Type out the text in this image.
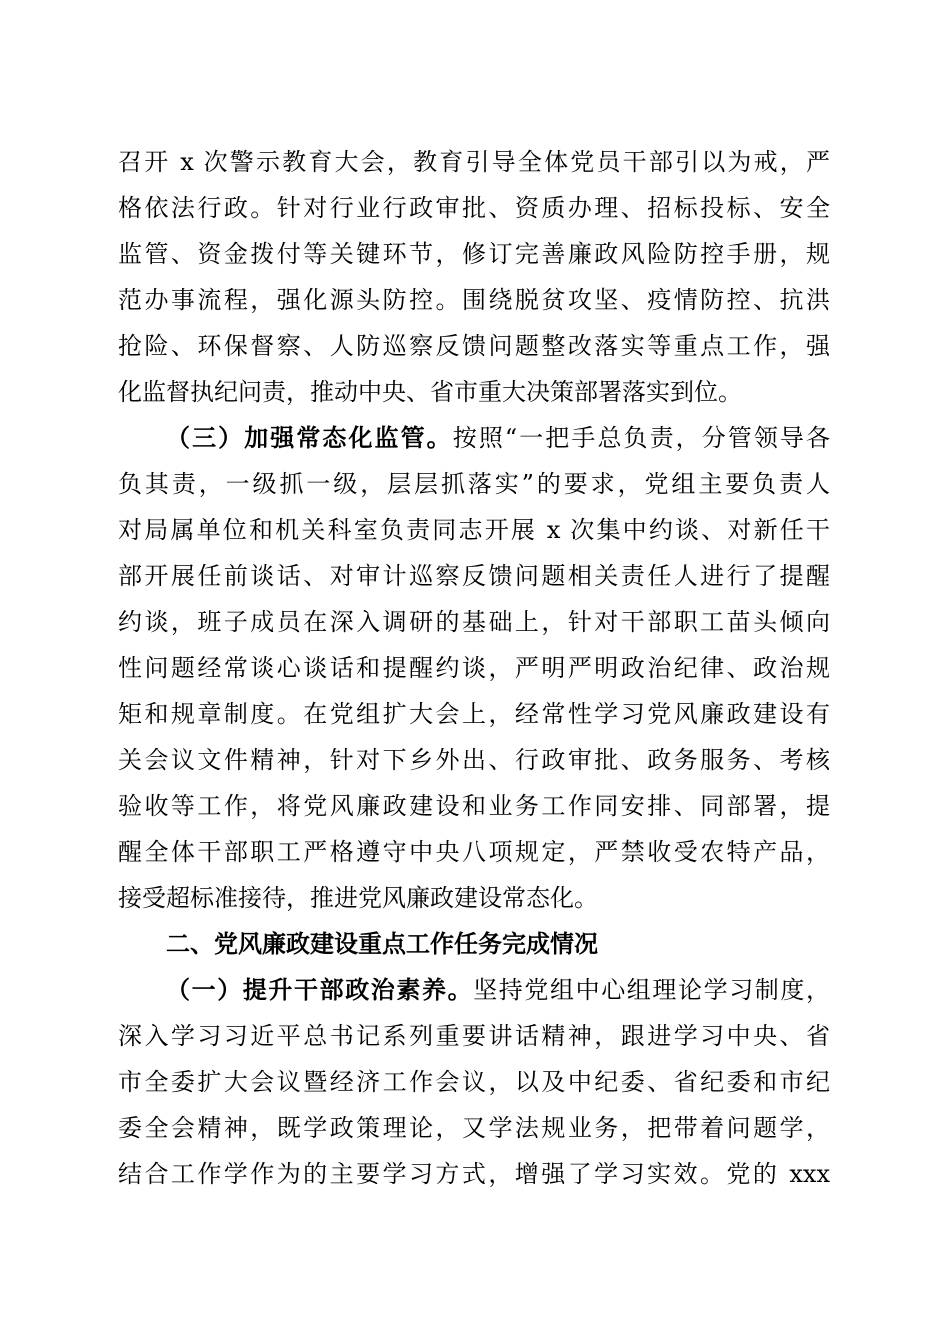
召开 x 次警示教育大会，教育引导全体党员干部引以为戒，严
格依法行政。针对行业行政审批、资质办理、招标投标、安全
监管、资金拨付等关键环节，修订完善廉政风险防控手册，规
范办事流程，强化源头防控。围绕脱贫攻坚、疫情防控、抗洪
抢险、环保督察、人防巡察反馈问题整改落实等重点工作，强
化监督执纪问责，推动中央、省市重大决策部署落实到位。
（三）加强常态化监管。按照“一把手总负责，分管领导各
负其责，一级抓一级，层层抓落实”的要求，党组主要负责人
对局属单位和机关科室负责同志开展 x 次集中约谈、对新任干
部开展任前谈话、对审计巡察反馈问题相关责任人进行了提醒
约谈，班子成员在深入调研的基础上，针对干部职工苗头倾向
性问题经常谈心谈话和提醒约谈，严明严明政治纪律、政治规
矩和规章制度。在党组扩大会上，经常性学习党风廉政建设有
关会议文件精神，针对下乡外出、行政审批、政务服务、考核
验收等工作，将党风廉政建设和业务工作同安排、同部署，提
醒全体干部职工严格遵守中央八项规定，严禁收受农特产品，
接受超标准接待，推进党风廉政建设常态化。
二、党风廉政建设重点工作任务完成情况
（一）提升干部政治素养。坚持党组中心组理论学习制度，
深入学习习近平总书记系列重要讲话精神，跟进学习中央、省
市全委扩大会议暨经济工作会议，以及中纪委、省纪委和市纪
委全会精神，既学政策理论，又学法规业务，把带着问题学，
结合工作学作为的主要学习方式，增强了学习实效。党的 xxx
